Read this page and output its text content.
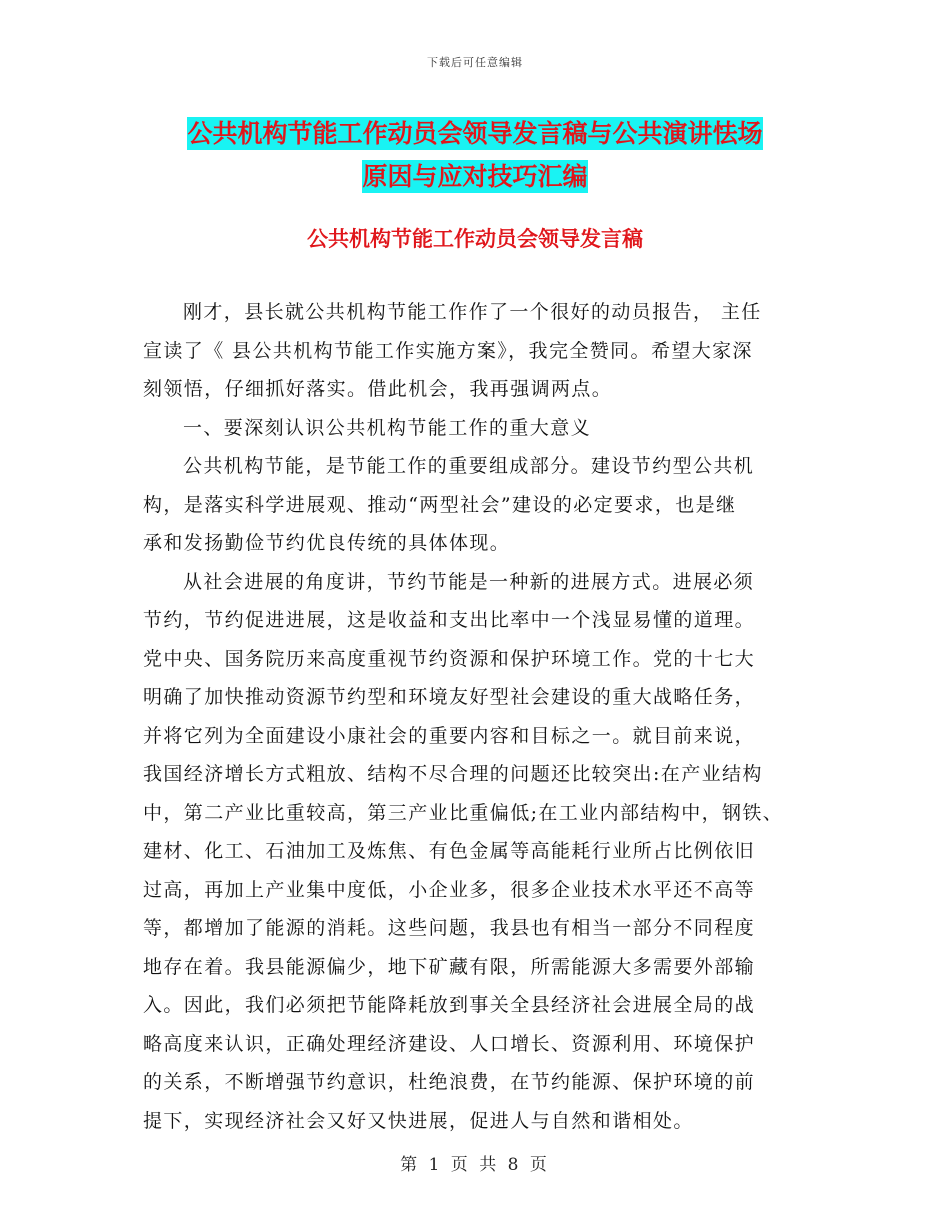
下载后可任意编辑
公共机构节能工作动员会领导发言稿与公共演讲怯场
原因与应对技巧汇编
公共机构节能工作动员会领导发言稿
刚才，县长就公共机构节能工作作了一个很好的动员报告， 主任
宣读了《 县公共机构节能工作实施方案》，我完全赞同。希望大家深
刻领悟，仔细抓好落实。借此机会，我再强调两点。
一、要深刻认识公共机构节能工作的重大意义
公共机构节能，是节能工作的重要组成部分。建设节约型公共机
构，是落实科学进展观、推动“两型社会”建设的必定要求，也是继
承和发扬勤俭节约优良传统的具体体现。
从社会进展的角度讲，节约节能是一种新的进展方式。进展必须
节约，节约促进进展，这是收益和支出比率中一个浅显易懂的道理。
党中央、国务院历来高度重视节约资源和保护环境工作。党的十七大
明确了加快推动资源节约型和环境友好型社会建设的重大战略任务，
并将它列为全面建设小康社会的重要内容和目标之一。就目前来说，
我国经济增长方式粗放、结构不尽合理的问题还比较突出:在产业结构
中，第二产业比重较高，第三产业比重偏低;在工业内部结构中，钢铁、
建材、化工、石油加工及炼焦、有色金属等高能耗行业所占比例依旧
过高，再加上产业集中度低，小企业多，很多企业技术水平还不高等
等，都增加了能源的消耗。这些问题，我县也有相当一部分不同程度
地存在着。我县能源偏少，地下矿藏有限，所需能源大多需要外部输
入。因此，我们必须把节能降耗放到事关全县经济社会进展全局的战
略高度来认识，正确处理经济建设、人口增长、资源利用、环境保护
的关系，不断增强节约意识，杜绝浪费，在节约能源、保护环境的前
提下，实现经济社会又好又快进展，促进人与自然和谐相处。
第 1 页 共 8 页
